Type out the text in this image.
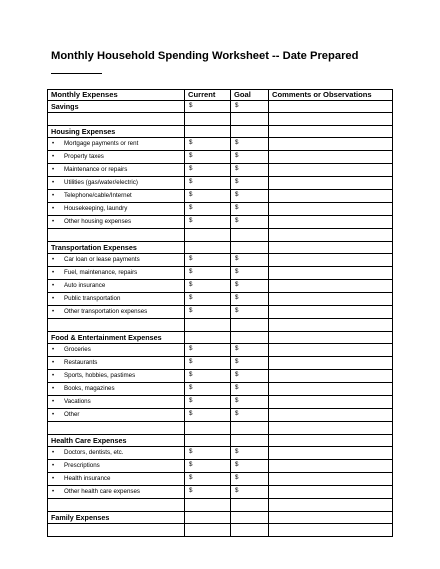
Monthly Household Spending Worksheet -- Date Prepared
Monthly Expenses	Current	Goal	Comments or Observations
Savings	$	$	

Housing Expenses			
• Mortgage payments or rent	$	$	
• Property taxes	$	$	
• Maintenance or repairs	$	$	
• Utilities (gas/water/electric)	$	$	
• Telephone/cable/Internet	$	$	
• Housekeeping, laundry	$	$	
• Other housing expenses	$	$	

Transportation Expenses			
• Car loan or lease payments	$	$	
• Fuel, maintenance, repairs	$	$	
• Auto insurance	$	$	
• Public transportation	$	$	
• Other transportation expenses	$	$	

Food & Entertainment Expenses			
• Groceries	$	$	
• Restaurants	$	$	
• Sports, hobbies, pastimes	$	$	
• Books, magazines	$	$	
• Vacations	$	$	
• Other	$	$	

Health Care Expenses			
• Doctors, dentists, etc.	$	$	
• Prescriptions	$	$	
• Health insurance	$	$	
• Other health care expenses	$	$	

Family Expenses			
